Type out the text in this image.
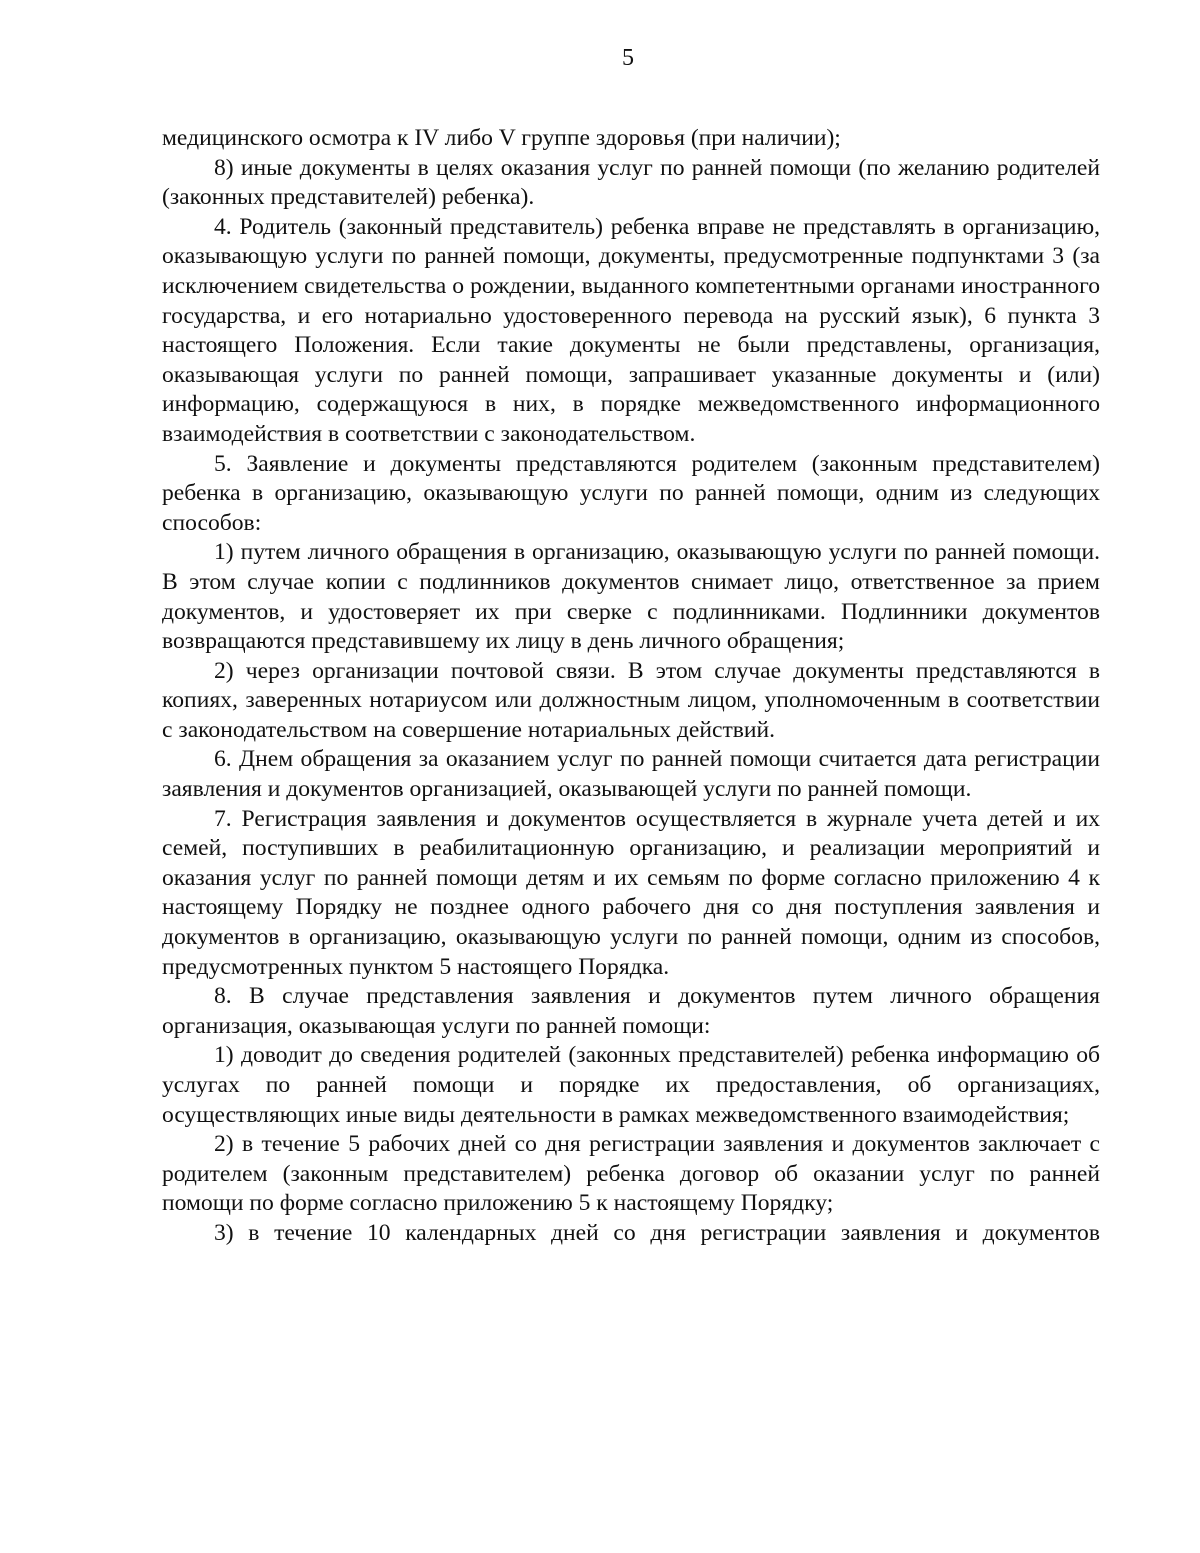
5

медицинского осмотра к IV либо V группе здоровья (при наличии);

8) иные документы в целях оказания услуг по ранней помощи (по желанию родителей (законных представителей) ребенка).

4. Родитель (законный представитель) ребенка вправе не представлять в организацию, оказывающую услуги по ранней помощи, документы, предусмотренные подпунктами 3 (за исключением свидетельства о рождении, выданного компетентными органами иностранного государства, и его нотариально удостоверенного перевода на русский язык), 6 пункта 3 настоящего Положения. Если такие документы не были представлены, организация, оказывающая услуги по ранней помощи, запрашивает указанные документы и (или) информацию, содержащуюся в них, в порядке межведомственного информационного взаимодействия в соответствии с законодательством.

5. Заявление и документы представляются родителем (законным представителем) ребенка в организацию, оказывающую услуги по ранней помощи, одним из следующих способов:

1) путем личного обращения в организацию, оказывающую услуги по ранней помощи. В этом случае копии с подлинников документов снимает лицо, ответственное за прием документов, и удостоверяет их при сверке с подлинниками. Подлинники документов возвращаются представившему их лицу в день личного обращения;

2) через организации почтовой связи. В этом случае документы представляются в копиях, заверенных нотариусом или должностным лицом, уполномоченным в соответствии с законодательством на совершение нотариальных действий.

6. Днем обращения за оказанием услуг по ранней помощи считается дата регистрации заявления и документов организацией, оказывающей услуги по ранней помощи.

7. Регистрация заявления и документов осуществляется в журнале учета детей и их семей, поступивших в реабилитационную организацию, и реализации мероприятий и оказания услуг по ранней помощи детям и их семьям по форме согласно приложению 4 к настоящему Порядку не позднее одного рабочего дня со дня поступления заявления и документов в организацию, оказывающую услуги по ранней помощи, одним из способов, предусмотренных пунктом 5 настоящего Порядка.

8. В случае представления заявления и документов путем личного обращения организация, оказывающая услуги по ранней помощи:

1) доводит до сведения родителей (законных представителей) ребенка информацию об услугах по ранней помощи и порядке их предоставления, об организациях, осуществляющих иные виды деятельности в рамках межведомственного взаимодействия;

2) в течение 5 рабочих дней со дня регистрации заявления и документов заключает с родителем (законным представителем) ребенка договор об оказании услуг по ранней помощи по форме согласно приложению 5 к настоящему Порядку;

3) в течение 10 календарных дней со дня регистрации заявления и документов
